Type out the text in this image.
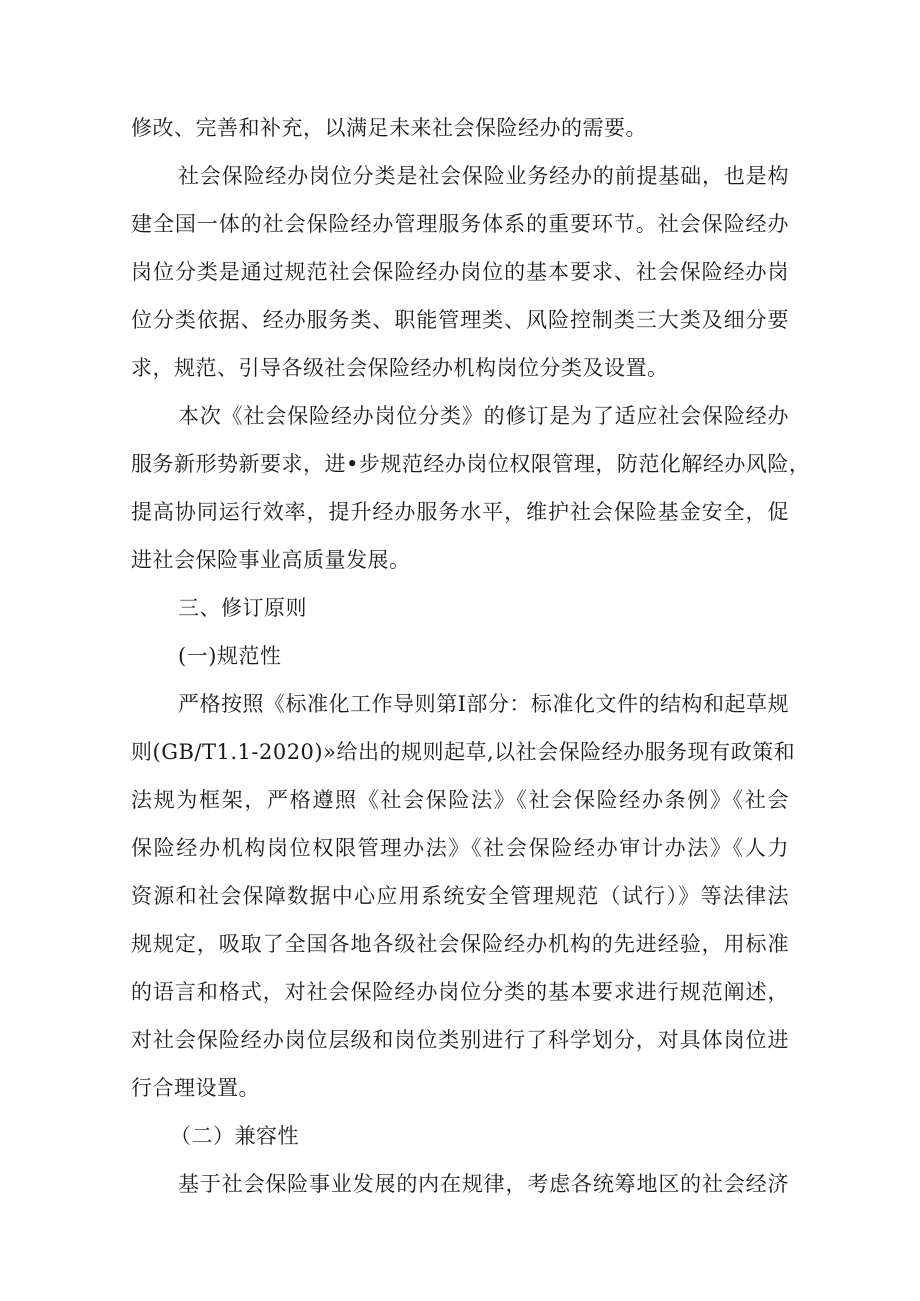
修改、完善和补充，以满足未来社会保险经办的需要。
社会保险经办岗位分类是社会保险业务经办的前提基础，也是构
建全国一体的社会保险经办管理服务体系的重要环节。社会保险经办
岗位分类是通过规范社会保险经办岗位的基本要求、社会保险经办岗
位分类依据、经办服务类、职能管理类、风险控制类三大类及细分要
求，规范、引导各级社会保险经办机构岗位分类及设置。
本次《社会保险经办岗位分类》的修订是为了适应社会保险经办
服务新形势新要求，进•步规范经办岗位权限管理，防范化解经办风险，
提高协同运行效率，提升经办服务水平，维护社会保险基金安全，促
进社会保险事业高质量发展。
三、修订原则
(一)规范性
严格按照《标准化工作导则第I部分：标准化文件的结构和起草规
则(GB/T1.1-2020)»给出的规则起草,以社会保险经办服务现有政策和
法规为框架，严格遵照《社会保险法》《社会保险经办条例》《社会
保险经办机构岗位权限管理办法》《社会保险经办审计办法》《人力
资源和社会保障数据中心应用系统安全管理规范（试行）》等法律法
规规定，吸取了全国各地各级社会保险经办机构的先进经验，用标准
的语言和格式，对社会保险经办岗位分类的基本要求进行规范阐述，
对社会保险经办岗位层级和岗位类别进行了科学划分，对具体岗位进
行合理设置。
（二）兼容性
基于社会保险事业发展的内在规律，考虑各统筹地区的社会经济
